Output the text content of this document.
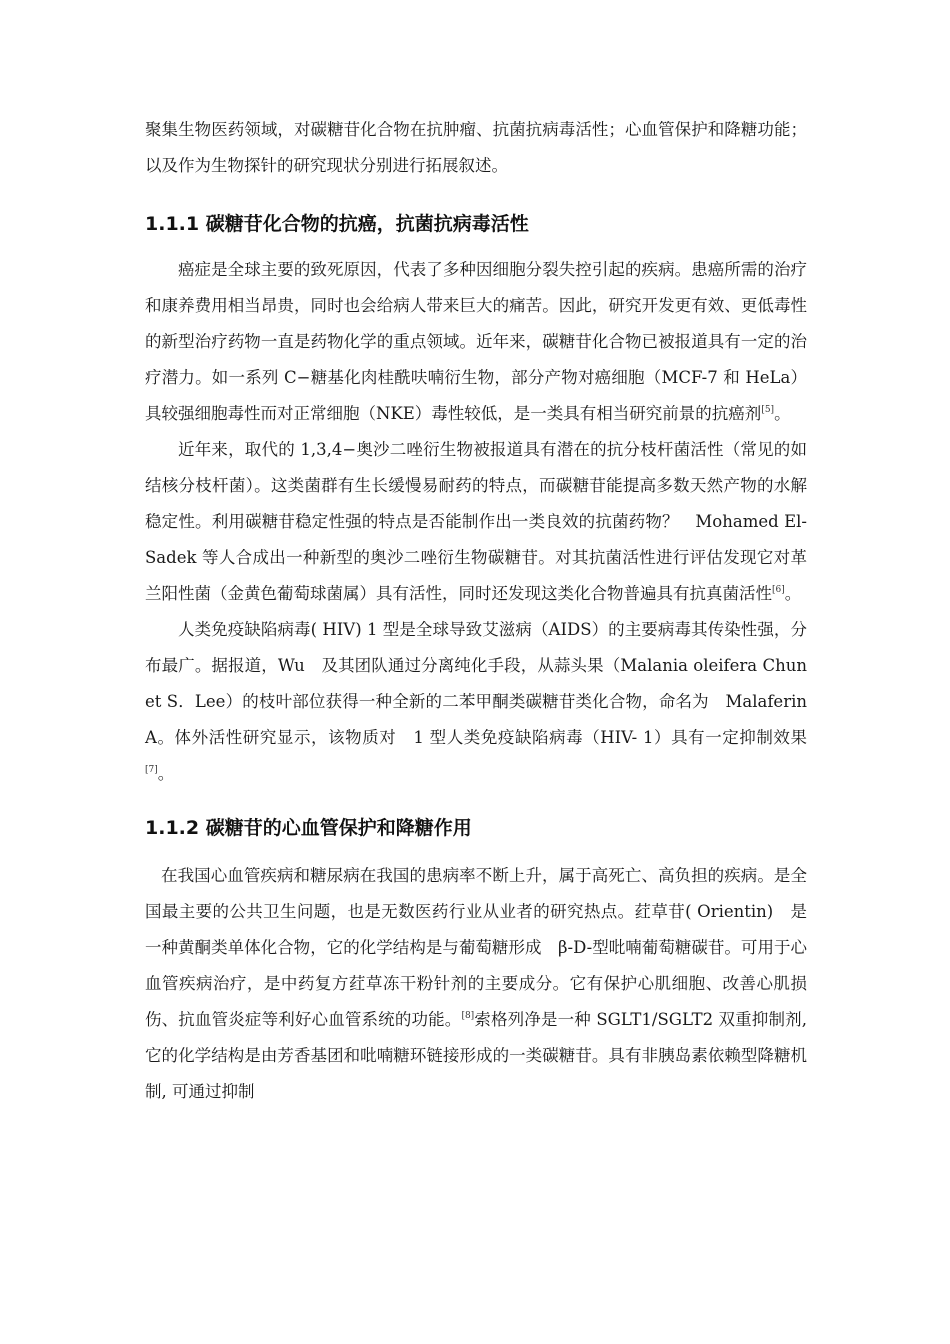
聚集生物医药领域，对碳糖苷化合物在抗肿瘤、抗菌抗病毒活性；心血管保护和降糖功能；以及作为生物探针的研究现状分别进行拓展叙述。

1.1.1 碳糖苷化合物的抗癌，抗菌抗病毒活性

癌症是全球主要的致死原因，代表了多种因细胞分裂失控引起的疾病。患癌所需的治疗和康养费用相当昂贵，同时也会给病人带来巨大的痛苦。因此，研究开发更有效、更低毒性的新型治疗药物一直是药物化学的重点领域。近年来，碳糖苷化合物已被报道具有一定的治疗潜力。如一系列 C−糖基化肉桂酰呋喃衍生物，部分产物对癌细胞（MCF-7 和 HeLa）具较强细胞毒性而对正常细胞（NKE）毒性较低，是一类具有相当研究前景的抗癌剂[5]。

近年来，取代的 1,3,4−奥沙二唑衍生物被报道具有潜在的抗分枝杆菌活性（常见的如结核分枝杆菌）。这类菌群有生长缓慢易耐药的特点，而碳糖苷能提高多数天然产物的水解稳定性。利用碳糖苷稳定性强的特点是否能制作出一类良效的抗菌药物？　Mohamed El-Sadek 等人合成出一种新型的奥沙二唑衍生物碳糖苷。对其抗菌活性进行评估发现它对革兰阳性菌（金黄色葡萄球菌属）具有活性，同时还发现这类化合物普遍具有抗真菌活性[6]。

人类免疫缺陷病毒( HIV) 1 型是全球导致艾滋病（AIDS）的主要病毒其传染性强，分布最广。据报道，Wu　及其团队通过分离纯化手段，从蒜头果（Malania oleifera Chun et S．Lee）的枝叶部位获得一种全新的二苯甲酮类碳糖苷类化合物，命名为　Malaferin A。体外活性研究显示，该物质对　1 型人类免疫缺陷病毒（HIV- 1）具有一定抑制效果[7]。

1.1.2 碳糖苷的心血管保护和降糖作用

在我国心血管疾病和糖尿病在我国的患病率不断上升，属于高死亡、高负担的疾病。是全国最主要的公共卫生问题，也是无数医药行业从业者的研究热点。荭草苷( Orientin)　是一种黄酮类单体化合物，它的化学结构是与葡萄糖形成　β-D-型吡喃葡萄糖碳苷。可用于心血管疾病治疗，是中药复方荭草冻干粉针剂的主要成分。它有保护心肌细胞、改善心肌损伤、抗血管炎症等利好心血管系统的功能。[8]索格列净是一种 SGLT1/SGLT2 双重抑制剂, 它的化学结构是由芳香基团和吡喃糖环链接形成的一类碳糖苷。具有非胰岛素依赖型降糖机制, 可通过抑制
